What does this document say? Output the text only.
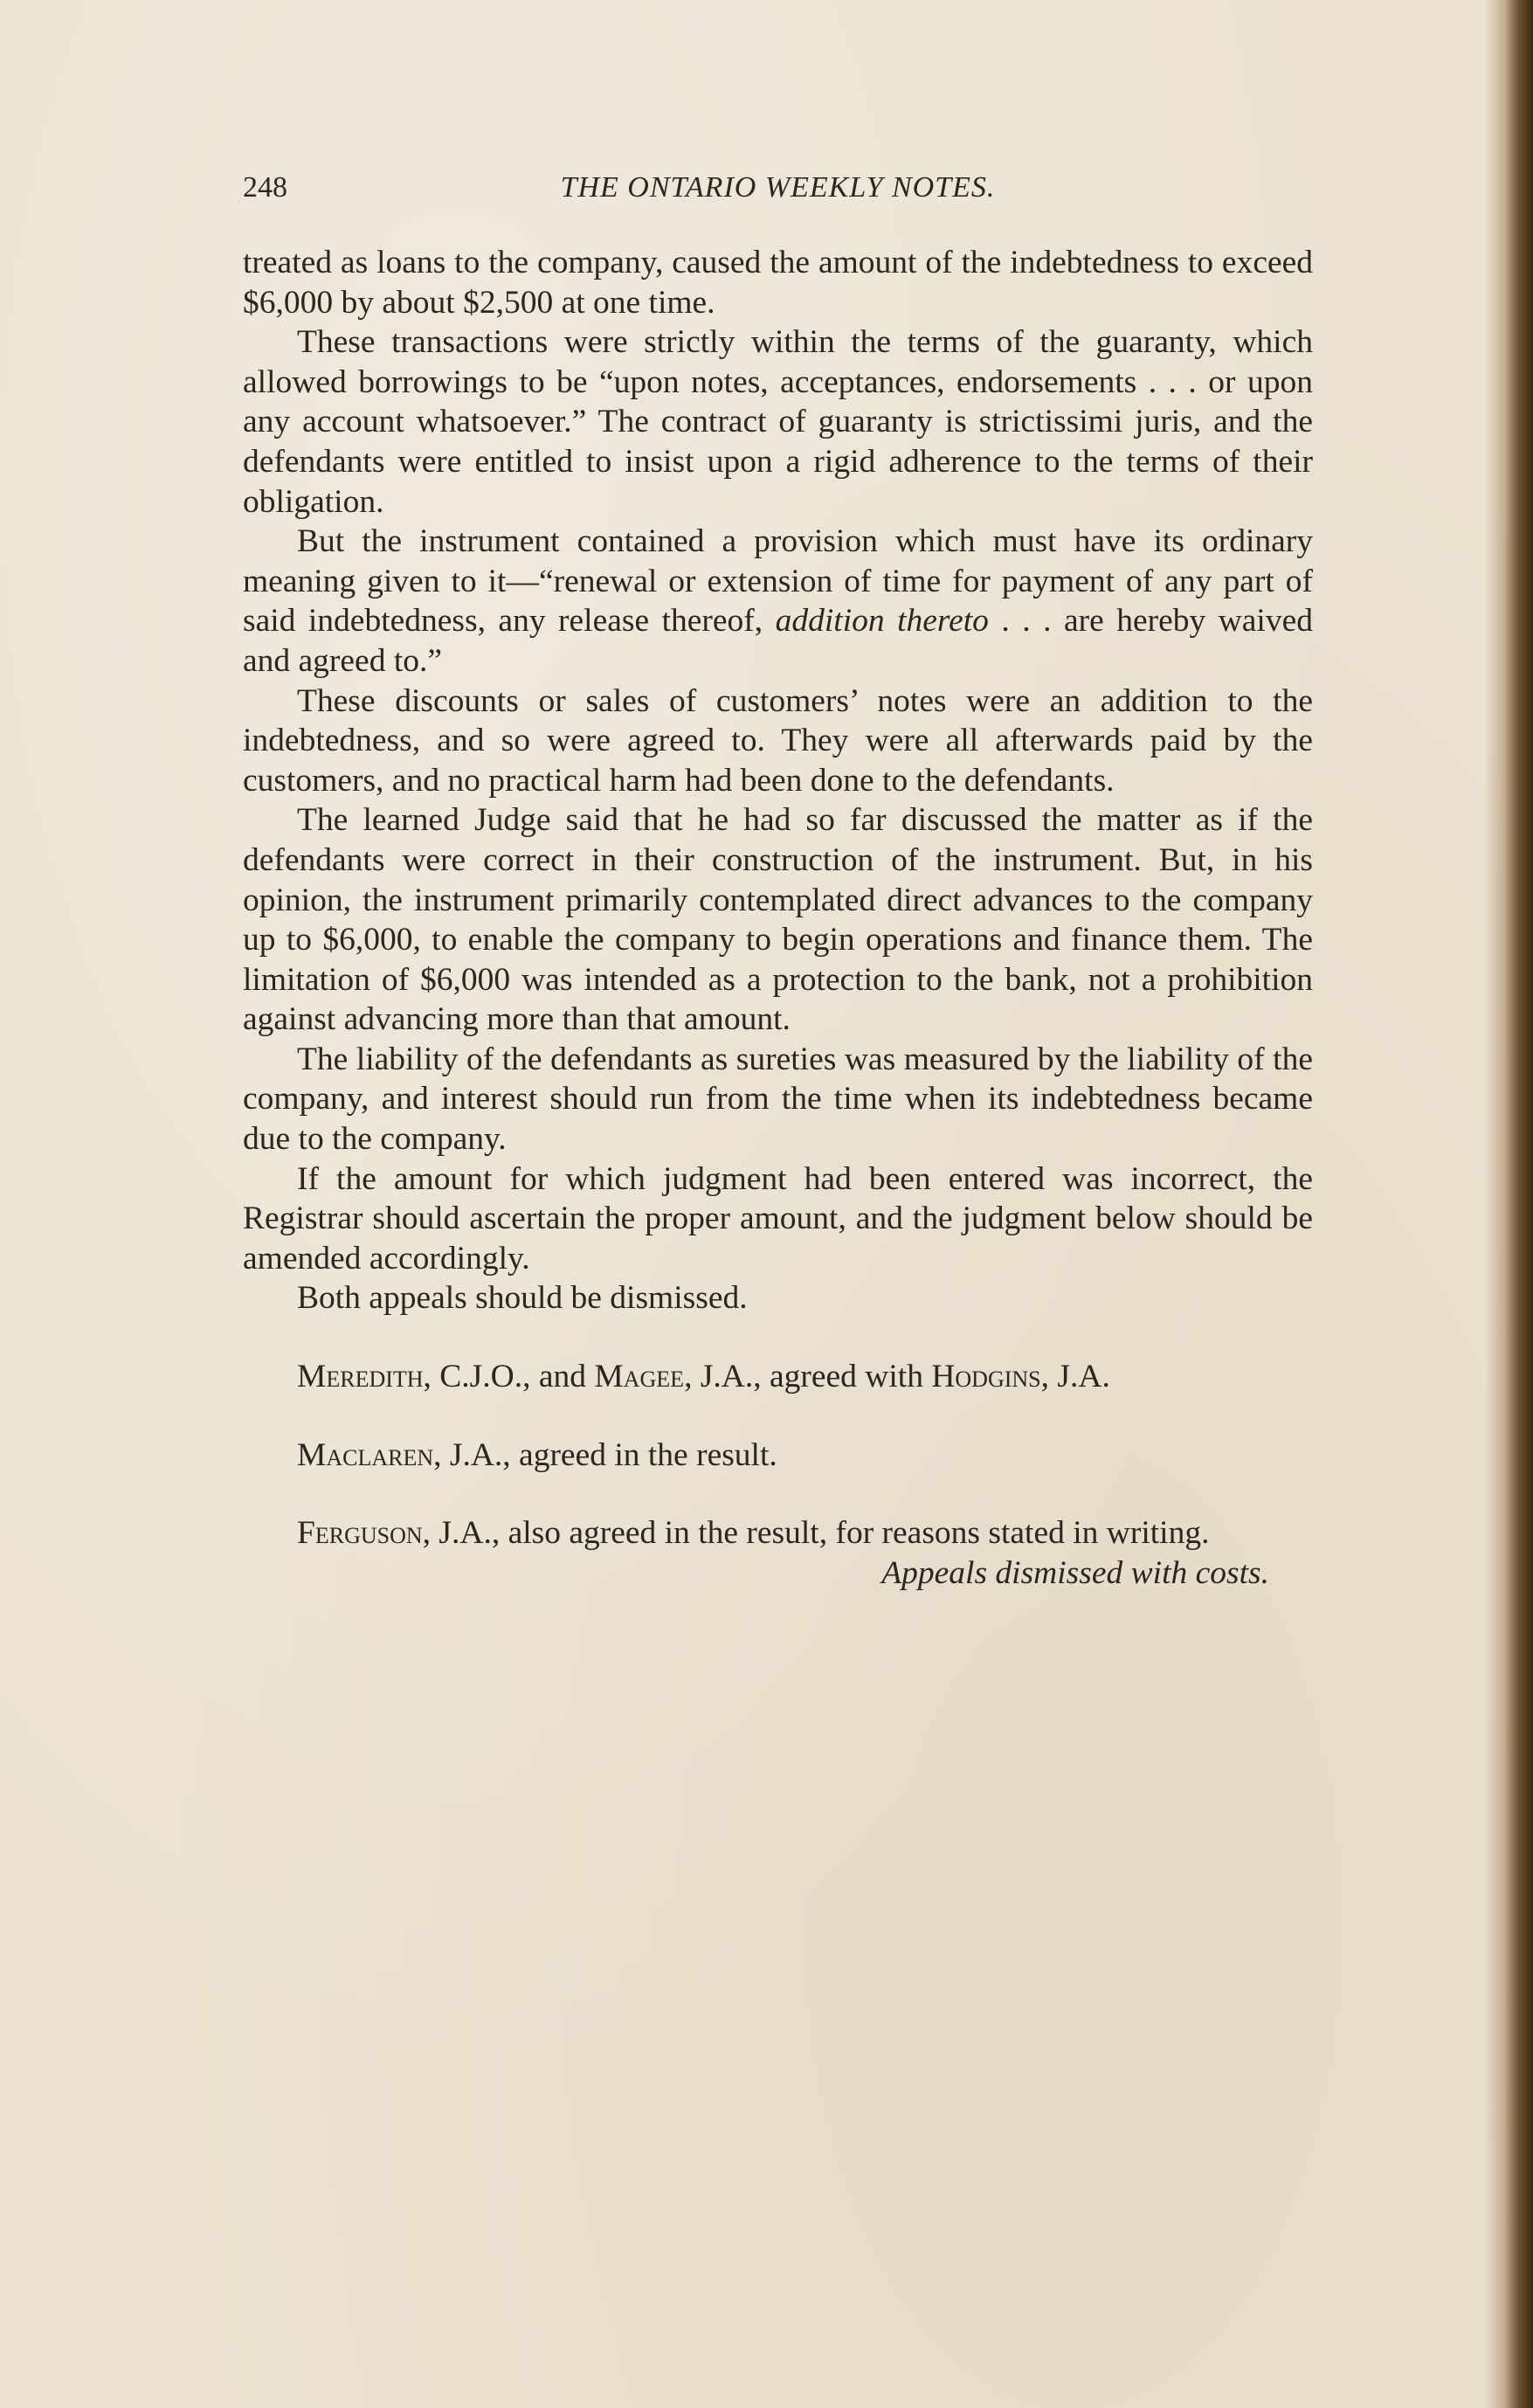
248	THE ONTARIO WEEKLY NOTES.

treated as loans to the company, caused the amount of the indebtedness to exceed $6,000 by about $2,500 at one time.

These transactions were strictly within the terms of the guaranty, which allowed borrowings to be “upon notes, acceptances, endorsements . . . or upon any account whatsoever.” The contract of guaranty is strictissimi juris, and the defendants were entitled to insist upon a rigid adherence to the terms of their obligation.

But the instrument contained a provision which must have its ordinary meaning given to it—“renewal or extension of time for payment of any part of said indebtedness, any release thereof, addition thereto . . . are hereby waived and agreed to.”

These discounts or sales of customers’ notes were an addition to the indebtedness, and so were agreed to. They were all afterwards paid by the customers, and no practical harm had been done to the defendants.

The learned Judge said that he had so far discussed the matter as if the defendants were correct in their construction of the instrument. But, in his opinion, the instrument primarily contemplated direct advances to the company up to $6,000, to enable the company to begin operations and finance them. The limitation of $6,000 was intended as a protection to the bank, not a prohibition against advancing more than that amount.

The liability of the defendants as sureties was measured by the liability of the company, and interest should run from the time when its indebtedness became due to the company.

If the amount for which judgment had been entered was incorrect, the Registrar should ascertain the proper amount, and the judgment below should be amended accordingly.

Both appeals should be dismissed.

Meredith, C.J.O., and Magee, J.A., agreed with Hodgins, J.A.

Maclaren, J.A., agreed in the result.

Ferguson, J.A., also agreed in the result, for reasons stated in writing.

Appeals dismissed with costs.
